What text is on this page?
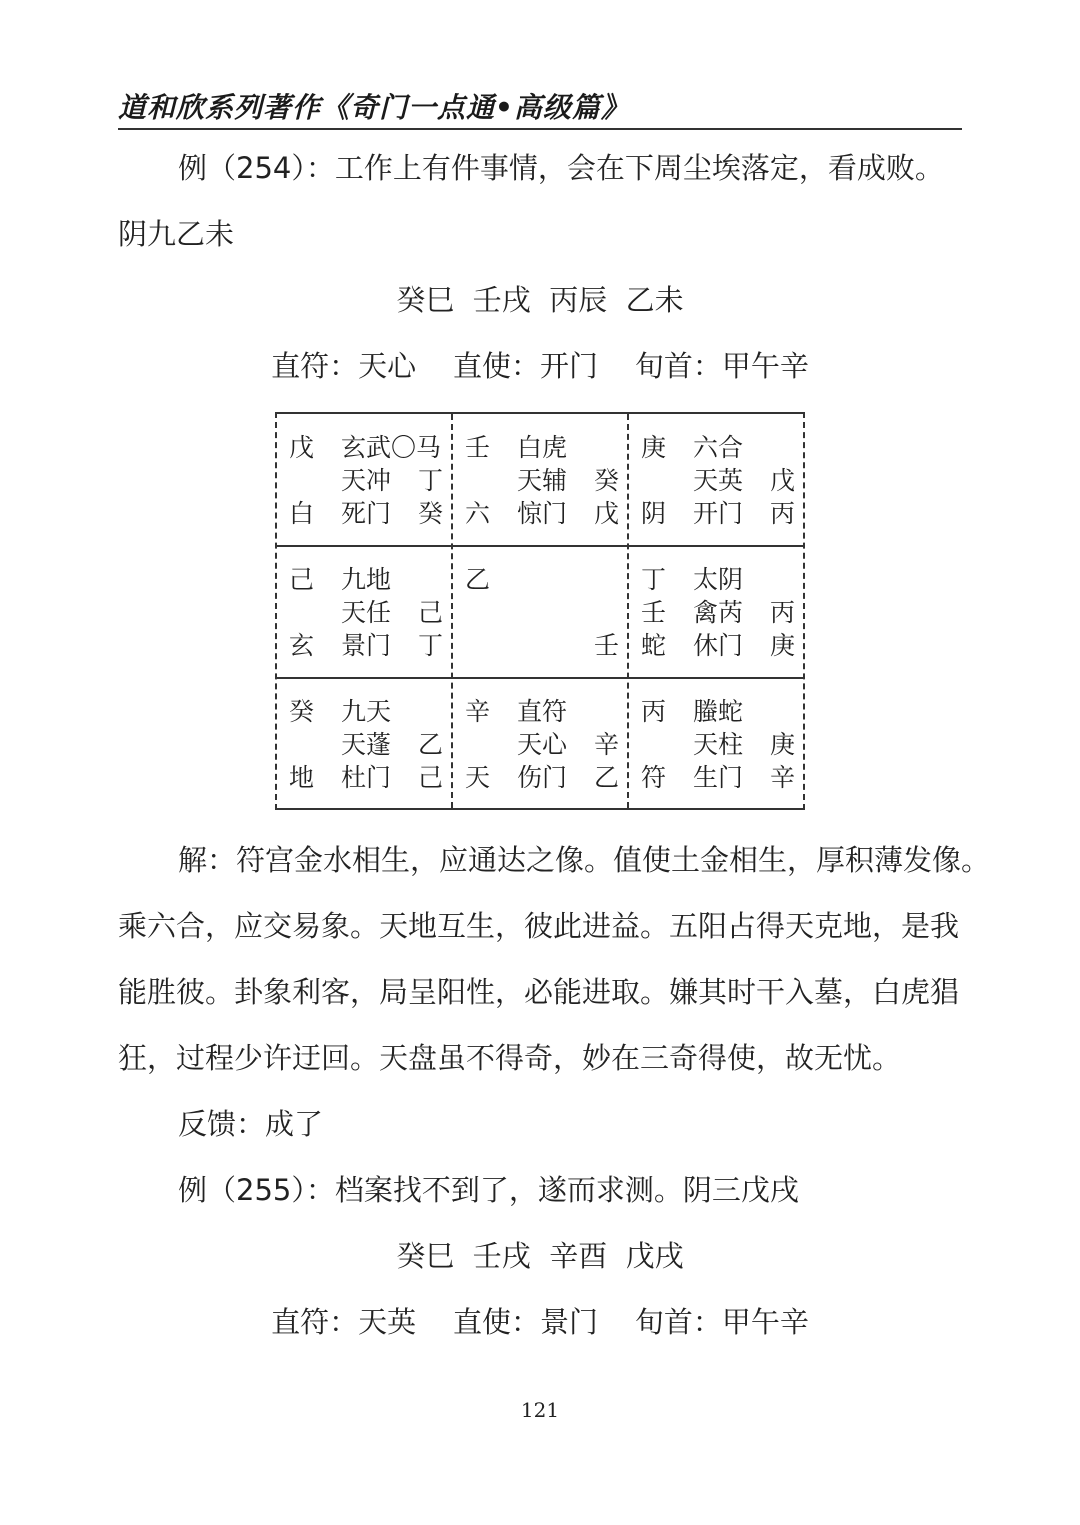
道和欣系列著作《奇门一点通•高级篇》
例（254）：工作上有件事情，会在下周尘埃落定，看成败。
阴九乙未
癸巳  壬戌  丙辰  乙未
直符：天心    直使：开门    旬首：甲午辛
戊 玄武〇马
天冲 丁
白 死门 癸
壬 白虎
天辅 癸
六 惊门 戊
庚 六合
天英 戊
阴 开门 丙
己 九地
天任 己
玄 景门 丁
乙
壬
丁 太阴
壬 禽芮 丙
蛇 休门 庚
癸 九天
天蓬 乙
地 杜门 己
辛 直符
天心 辛
天 伤门 乙
丙 螣蛇
天柱 庚
符 生门 辛
解：符宫金水相生，应通达之像。值使土金相生，厚积薄发像。
乘六合，应交易象。天地互生，彼此进益。五阳占得天克地，是我
能胜彼。卦象利客，局呈阳性，必能进取。嫌其时干入墓，白虎猖
狂，过程少许迂回。天盘虽不得奇，妙在三奇得使，故无忧。
反馈：成了
例（255）：档案找不到了，遂而求测。阴三戊戌
癸巳  壬戌  辛酉  戊戌
直符：天英    直使：景门    旬首：甲午辛
121
